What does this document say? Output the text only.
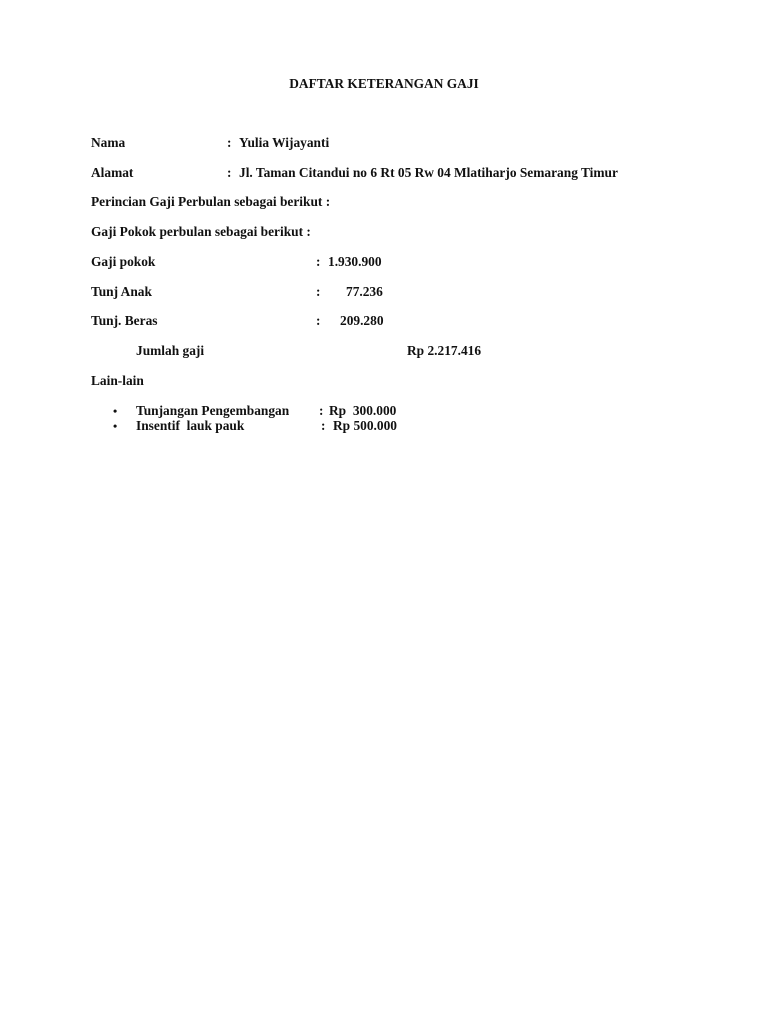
DAFTAR KETERANGAN GAJI
Nama	: Yulia Wijayanti
Alamat	: Jl. Taman Citandui no 6 Rt 05 Rw 04 Mlatiharjo Semarang Timur
Perincian Gaji Perbulan sebagai berikut :
Gaji Pokok perbulan sebagai berikut :
Gaji pokok	: 1.930.900
Tunj Anak	: 77.236
Tunj. Beras	: 209.280
Jumlah gaji	Rp 2.217.416
Lain-lain
• Tunjangan Pengembangan : Rp  300.000
• Insentif  lauk pauk	: Rp 500.000
